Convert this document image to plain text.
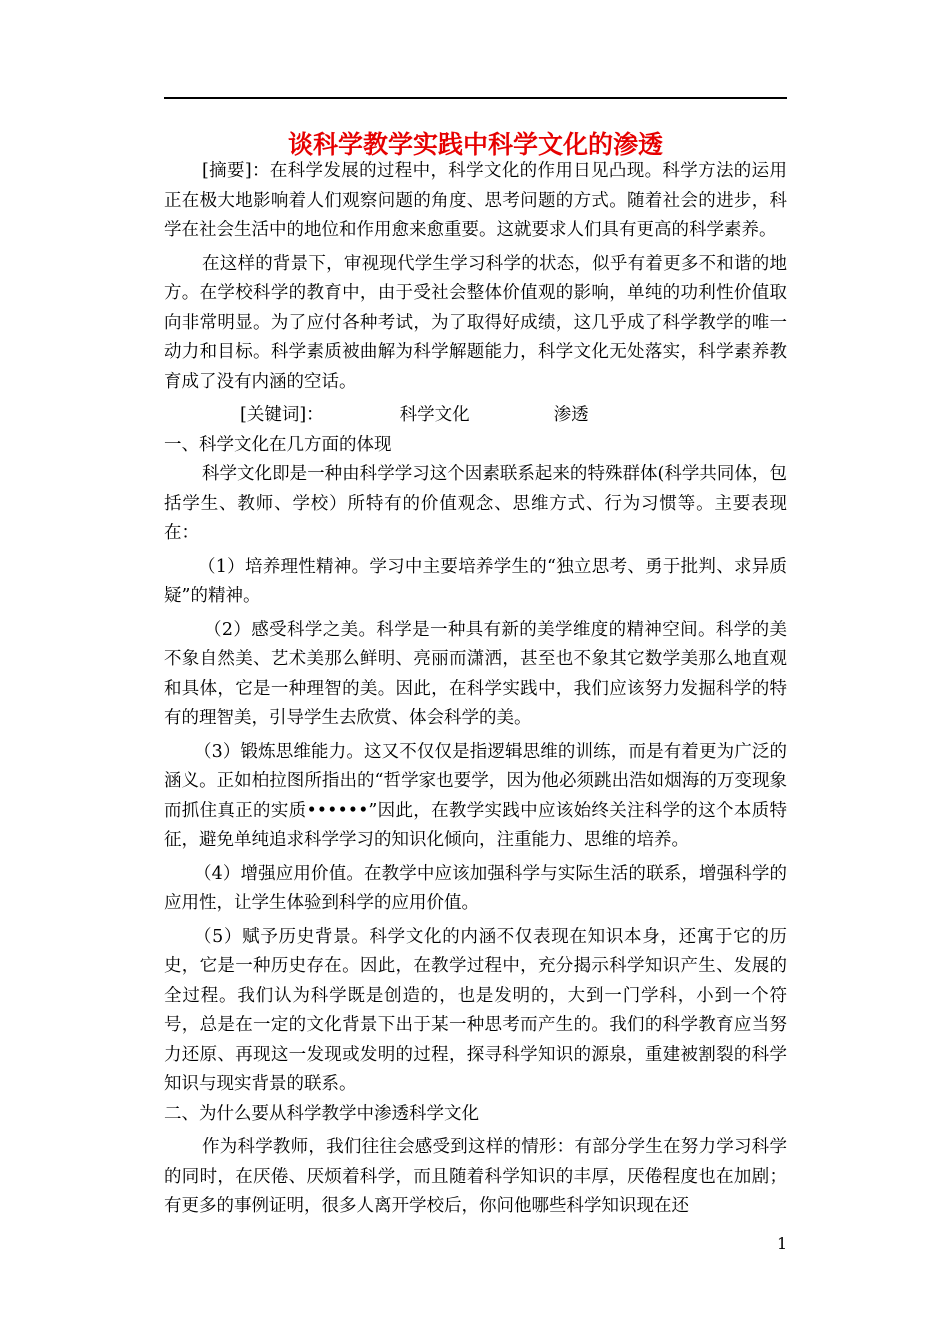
谈科学教学实践中科学文化的渗透

[摘要]：在科学发展的过程中，科学文化的作用日见凸现。科学方法的运用正在极大地影响着人们观察问题的角度、思考问题的方式。随着社会的进步，科学在社会生活中的地位和作用愈来愈重要。这就要求人们具有更高的科学素养。

在这样的背景下，审视现代学生学习科学的状态，似乎有着更多不和谐的地方。在学校科学的教育中，由于受社会整体价值观的影响，单纯的功利性价值取向非常明显。为了应付各种考试，为了取得好成绩，这几乎成了科学教学的唯一动力和目标。科学素质被曲解为科学解题能力，科学文化无处落实，科学素养教育成了没有内涵的空话。

[关键词]：	科学文化	渗透

一、科学文化在几方面的体现

科学文化即是一种由科学学习这个因素联系起来的特殊群体(科学共同体，包括学生、教师、学校）所特有的价值观念、思维方式、行为习惯等。主要表现在：

（1）培养理性精神。学习中主要培养学生的“独立思考、勇于批判、求异质疑”的精神。

（2）感受科学之美。科学是一种具有新的美学维度的精神空间。科学的美不象自然美、艺术美那么鲜明、亮丽而潇洒，甚至也不象其它数学美那么地直观和具体，它是一种理智的美。因此，在科学实践中，我们应该努力发掘科学的特有的理智美，引导学生去欣赏、体会科学的美。

（3）锻炼思维能力。这又不仅仅是指逻辑思维的训练，而是有着更为广泛的涵义。正如柏拉图所指出的“哲学家也要学，因为他必须跳出浩如烟海的万变现象而抓住真正的实质••••••”因此，在教学实践中应该始终关注科学的这个本质特征，避免单纯追求科学学习的知识化倾向，注重能力、思维的培养。

（4）增强应用价值。在教学中应该加强科学与实际生活的联系，增强科学的应用性，让学生体验到科学的应用价值。

（5）赋予历史背景。科学文化的内涵不仅表现在知识本身，还寓于它的历史，它是一种历史存在。因此，在教学过程中，充分揭示科学知识产生、发展的全过程。我们认为科学既是创造的，也是发明的，大到一门学科，小到一个符号，总是在一定的文化背景下出于某一种思考而产生的。我们的科学教育应当努力还原、再现这一发现或发明的过程，探寻科学知识的源泉，重建被割裂的科学知识与现实背景的联系。

二、为什么要从科学教学中渗透科学文化

作为科学教师，我们往往会感受到这样的情形：有部分学生在努力学习科学的同时，在厌倦、厌烦着科学，而且随着科学知识的丰厚，厌倦程度也在加剧；有更多的事例证明，很多人离开学校后，你问他哪些科学知识现在还

1
